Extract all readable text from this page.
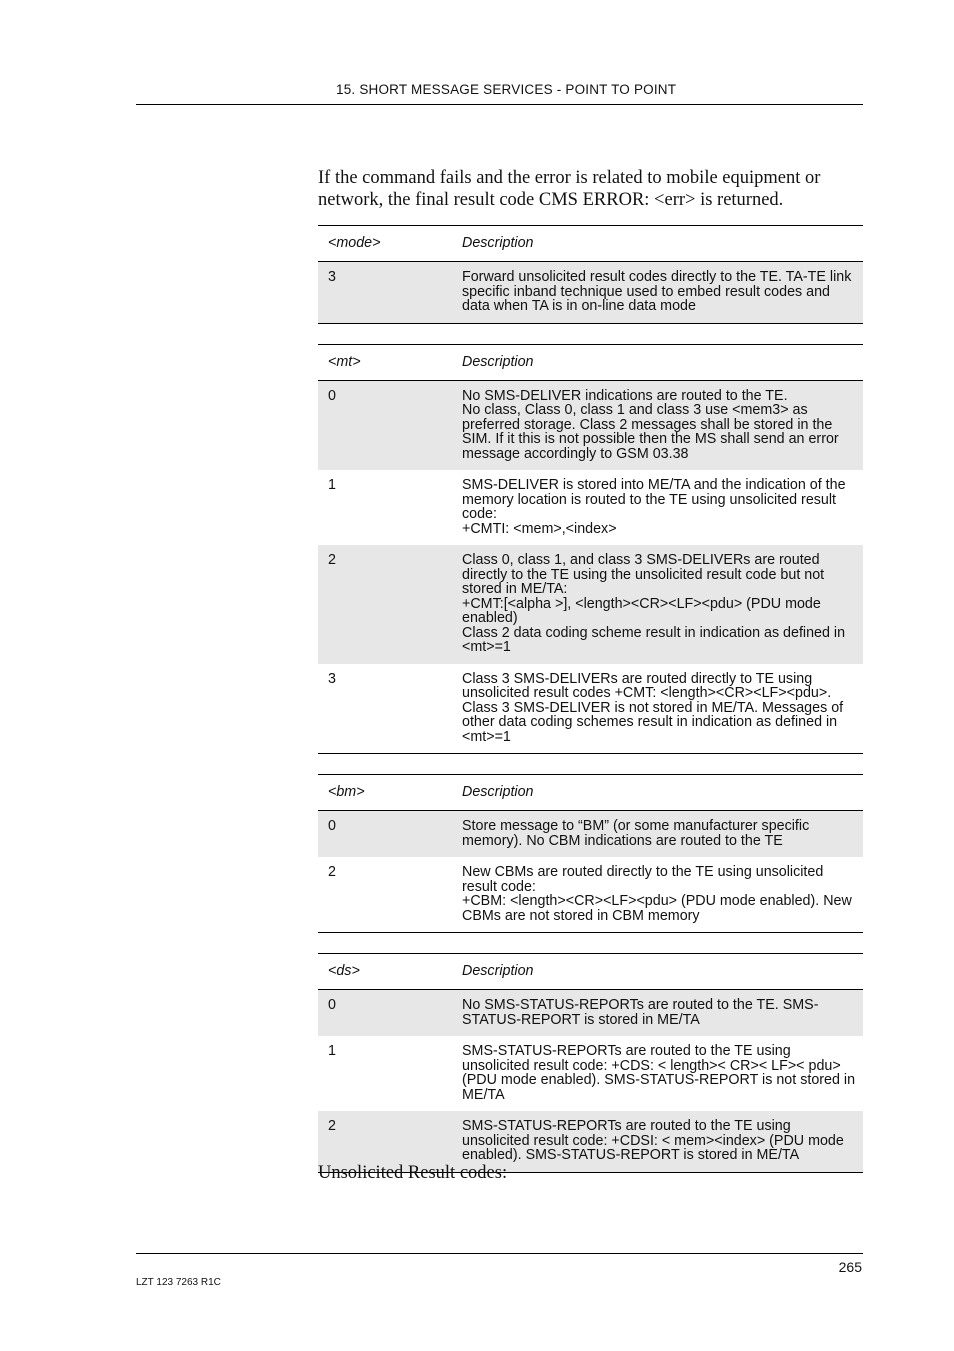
15. SHORT MESSAGE SERVICES - POINT TO POINT
If the command fails and the error is related to mobile equipment or network, the final result code CMS ERROR: <err> is returned.
<mode>	Description
3	Forward unsolicited result codes directly to the TE. TA-TE link specific inband technique used to embed result codes and data when TA is in on-line data mode
<mt>	Description
0	No SMS-DELIVER indications are routed to the TE.
No class, Class 0, class 1 and class 3 use <mem3> as preferred storage. Class 2 messages shall be stored in the SIM. If it this is not possible then the MS shall send an error message accordingly to GSM 03.38

1	SMS-DELIVER is stored into ME/TA and the indication of the memory location is routed to the TE using unsolicited result code:
+CMTI: <mem>,<index>

2	Class 0, class 1, and class 3 SMS-DELIVERs are routed directly to the TE using the unsolicited result code but not stored in ME/TA:
+CMT:[<alpha >], <length><CR><LF><pdu> (PDU mode enabled)
Class 2 data coding scheme result in indication as defined in <mt>=1

3	Class 3 SMS-DELIVERs are routed directly to TE using unsolicited result codes +CMT: <length><CR><LF><pdu>. Class 3 SMS-DELIVER is not stored in ME/TA. Messages of other data coding schemes result in indication as defined in <mt>=1
<bm>	Description
0	Store message to “BM” (or some manufacturer specific memory). No CBM indications are routed to the TE

2	New CBMs are routed directly to the TE using unsolicited result code:
+CBM: <length><CR><LF><pdu> (PDU mode enabled). New CBMs are not stored in CBM memory
<ds>	Description
0	No SMS-STATUS-REPORTs are routed to the TE. SMS-STATUS-REPORT is stored in ME/TA

1	SMS-STATUS-REPORTs are routed to the TE using unsolicited result code: +CDS: < length>< CR>< LF>< pdu> (PDU mode enabled). SMS-STATUS-REPORT is not stored in ME/TA

2	SMS-STATUS-REPORTs are routed to the TE using unsolicited result code: +CDSI: < mem><index> (PDU mode enabled). SMS-STATUS-REPORT is stored in ME/TA
Unsolicited Result codes:
265
LZT 123 7263 R1C
